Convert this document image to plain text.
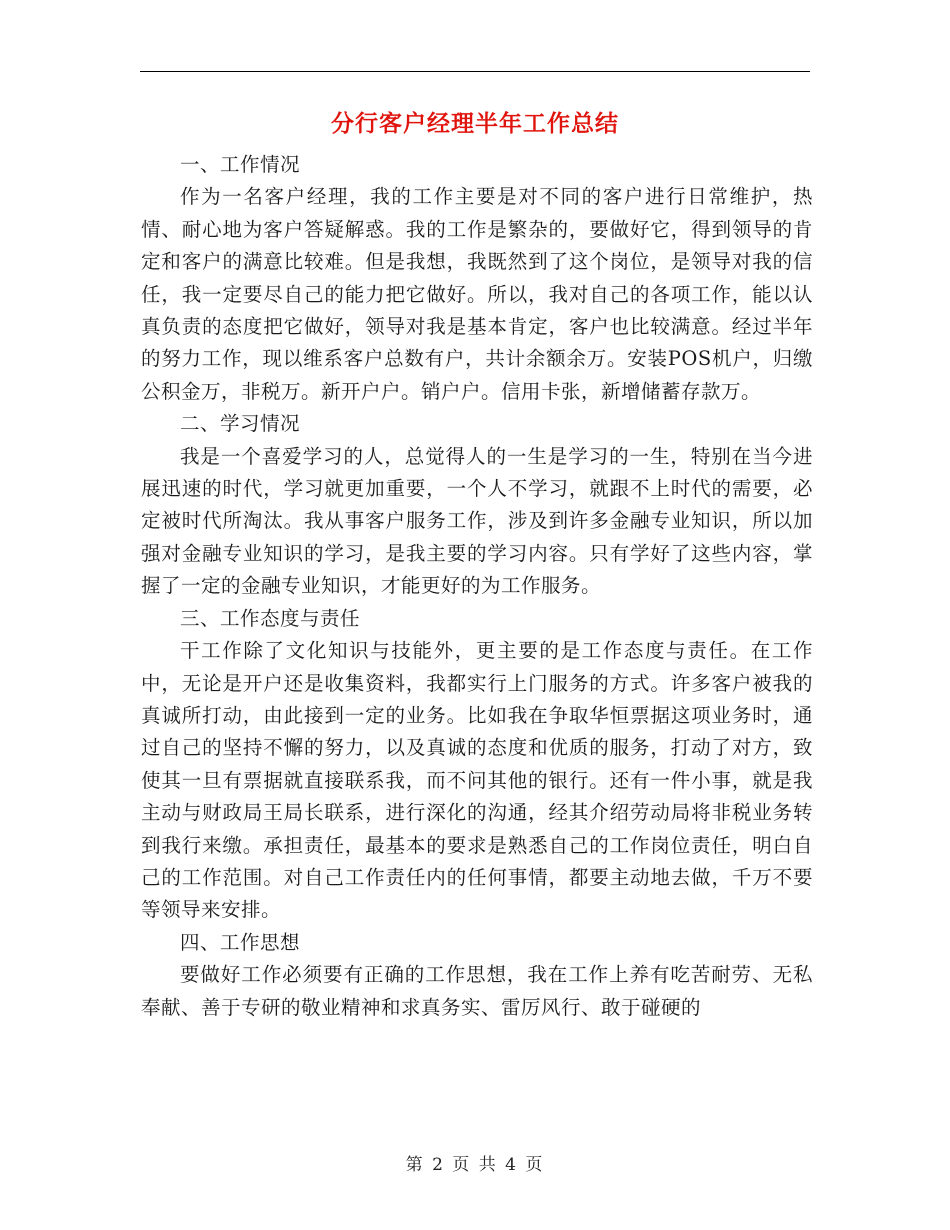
分行客户经理半年工作总结

一、工作情况

作为一名客户经理，我的工作主要是对不同的客户进行日常维护，热情、耐心地为客户答疑解惑。我的工作是繁杂的，要做好它，得到领导的肯定和客户的满意比较难。但是我想，我既然到了这个岗位，是领导对我的信任，我一定要尽自己的能力把它做好。所以，我对自己的各项工作，能以认真负责的态度把它做好，领导对我是基本肯定，客户也比较满意。经过半年的努力工作，现以维系客户总数有户，共计余额余万。安装POS机户，归缴公积金万，非税万。新开户户。销户户。信用卡张，新增储蓄存款万。

二、学习情况

我是一个喜爱学习的人，总觉得人的一生是学习的一生，特别在当今进展迅速的时代，学习就更加重要，一个人不学习，就跟不上时代的需要，必定被时代所淘汰。我从事客户服务工作，涉及到许多金融专业知识，所以加强对金融专业知识的学习，是我主要的学习内容。只有学好了这些内容，掌握了一定的金融专业知识，才能更好的为工作服务。

三、工作态度与责任

干工作除了文化知识与技能外，更主要的是工作态度与责任。在工作中，无论是开户还是收集资料，我都实行上门服务的方式。许多客户被我的真诚所打动，由此接到一定的业务。比如我在争取华恒票据这项业务时，通过自己的坚持不懈的努力，以及真诚的态度和优质的服务，打动了对方，致使其一旦有票据就直接联系我，而不问其他的银行。还有一件小事，就是我主动与财政局王局长联系，进行深化的沟通，经其介绍劳动局将非税业务转到我行来缴。承担责任，最基本的要求是熟悉自己的工作岗位责任，明白自己的工作范围。对自己工作责任内的任何事情，都要主动地去做，千万不要等领导来安排。

四、工作思想

要做好工作必须要有正确的工作思想，我在工作上养有吃苦耐劳、无私奉献、善于专研的敬业精神和求真务实、雷厉风行、敢于碰硬的

第 2 页 共 4 页
